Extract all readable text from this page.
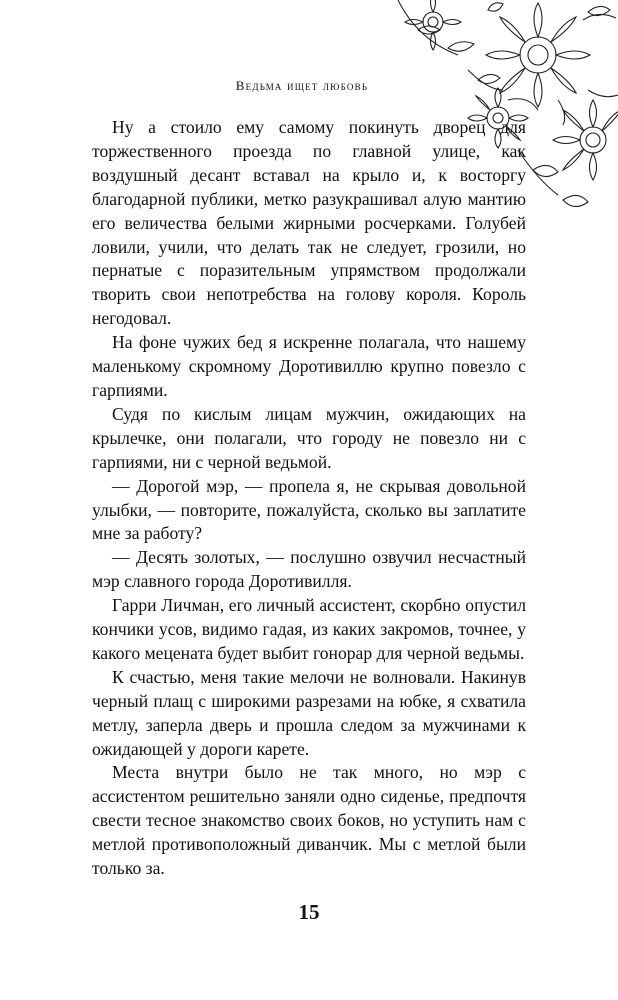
Ведьма ищет любовь

Ну а стоило ему самому покинуть дворец для торжественного проезда по главной улице, как воздушный десант вставал на крыло и, к восторгу благодарной публики, метко разукрашивал алую мантию его величества белыми жирными росчерками. Голубей ловили, учили, что делать так не следует, грозили, но пернатые с поразительным упрямством продолжали творить свои непотребства на голову короля. Король негодовал.

На фоне чужих бед я искренне полагала, что нашему маленькому скромному Доротивиллю крупно повезло с гарпиями.

Судя по кислым лицам мужчин, ожидающих на крылечке, они полагали, что городу не повезло ни с гарпиями, ни с черной ведьмой.

— Дорогой мэр, — пропела я, не скрывая довольной улыбки, — повторите, пожалуйста, сколько вы заплатите мне за работу?

— Десять золотых, — послушно озвучил несчастный мэр славного города Доротивилля.

Гарри Личман, его личный ассистент, скорбно опустил кончики усов, видимо гадая, из каких закромов, точнее, у какого мецената будет выбит гонорар для черной ведьмы.

К счастью, меня такие мелочи не волновали. Накинув черный плащ с широкими разрезами на юбке, я схватила метлу, заперла дверь и прошла следом за мужчинами к ожидающей у дороги карете.

Места внутри было не так много, но мэр с ассистентом решительно заняли одно сиденье, предпочтя свести тесное знакомство своих боков, но уступить нам с метлой противоположный диванчик. Мы с метлой были только за.

15
